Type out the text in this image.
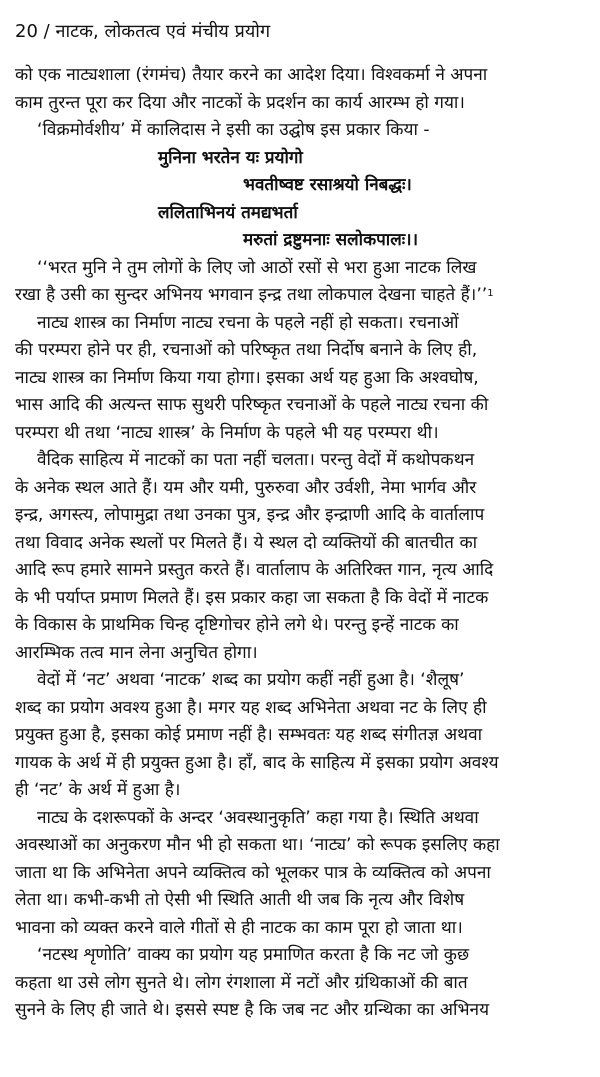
20 / नाटक, लोकतत्व एवं मंचीय प्रयोग
को एक नाट्यशाला (रंगमंच) तैयार करने का आदेश दिया। विश्वकर्मा ने अपना
काम तुरन्त पूरा कर दिया और नाटकों के प्रदर्शन का कार्य आरम्भ हो गया।
‘विक्रमोर्वशीय’ में कालिदास ने इसी का उद्घोष इस प्रकार किया -
मुनिना भरतेन यः प्रयोगो
भवतीष्वष्ट रसाश्रयो निबद्धः।
ललिताभिनयं तमद्यभर्ता
मरुतां द्रष्टुमनाः सलोकपालः।।
‘‘भरत मुनि ने तुम लोगों के लिए जो आठों रसों से भरा हुआ नाटक लिख
रखा है उसी का सुन्दर अभिनय भगवान इन्द्र तथा लोकपाल देखना चाहते हैं।’’$^1$
नाट्य शास्त्र का निर्माण नाट्य रचना के पहले नहीं हो सकता। रचनाओं
की परम्परा होने पर ही, रचनाओं को परिष्कृत तथा निर्दोष बनाने के लिए ही,
नाट्य शास्त्र का निर्माण किया गया होगा। इसका अर्थ यह हुआ कि अश्वघोष,
भास आदि की अत्यन्त साफ सुथरी परिष्कृत रचनाओं के पहले नाट्य रचना की
परम्परा थी तथा ‘नाट्य शास्त्र’ के निर्माण के पहले भी यह परम्परा थी।
वैदिक साहित्य में नाटकों का पता नहीं चलता। परन्तु वेदों में कथोपकथन
के अनेक स्थल आते हैं। यम और यमी, पुरुरुवा और उर्वशी, नेमा भार्गव और
इन्द्र, अगस्त्य, लोपामुद्रा तथा उनका पुत्र, इन्द्र और इन्द्राणी आदि के वार्तालाप
तथा विवाद अनेक स्थलों पर मिलते हैं। ये स्थल दो व्यक्तियों की बातचीत का
आदि रूप हमारे सामने प्रस्तुत करते हैं। वार्तालाप के अतिरिक्त गान, नृत्य आदि
के भी पर्याप्त प्रमाण मिलते हैं। इस प्रकार कहा जा सकता है कि वेदों में नाटक
के विकास के प्राथमिक चिन्ह दृष्टिगोचर होने लगे थे। परन्तु इन्हें नाटक का
आरम्भिक तत्व मान लेना अनुचित होगा।
वेदों में ‘नट’ अथवा ‘नाटक’ शब्द का प्रयोग कहीं नहीं हुआ है। ‘शैलूष’
शब्द का प्रयोग अवश्य हुआ है। मगर यह शब्द अभिनेता अथवा नट के लिए ही
प्रयुक्त हुआ है, इसका कोई प्रमाण नहीं है। सम्भवतः यह शब्द संगीतज्ञ अथवा
गायक के अर्थ में ही प्रयुक्त हुआ है। हाँ, बाद के साहित्य में इसका प्रयोग अवश्य
ही ‘नट’ के अर्थ में हुआ है।
नाट्य के दशरूपकों के अन्दर ‘अवस्थानुकृति’ कहा गया है। स्थिति अथवा
अवस्थाओं का अनुकरण मौन भी हो सकता था। ‘नाट्य’ को रूपक इसलिए कहा
जाता था कि अभिनेता अपने व्यक्तित्व को भूलकर पात्र के व्यक्तित्व को अपना
लेता था। कभी-कभी तो ऐसी भी स्थिति आती थी जब कि नृत्य और विशेष
भावना को व्यक्त करने वाले गीतों से ही नाटक का काम पूरा हो जाता था।
‘नटस्थ शृणोति’ वाक्य का प्रयोग यह प्रमाणित करता है कि नट जो कुछ
कहता था उसे लोग सुनते थे। लोग रंगशाला में नटों और ग्रंथिकाओं की बात
सुनने के लिए ही जाते थे। इससे स्पष्ट है कि जब नट और ग्रन्थिका का अभिनय
